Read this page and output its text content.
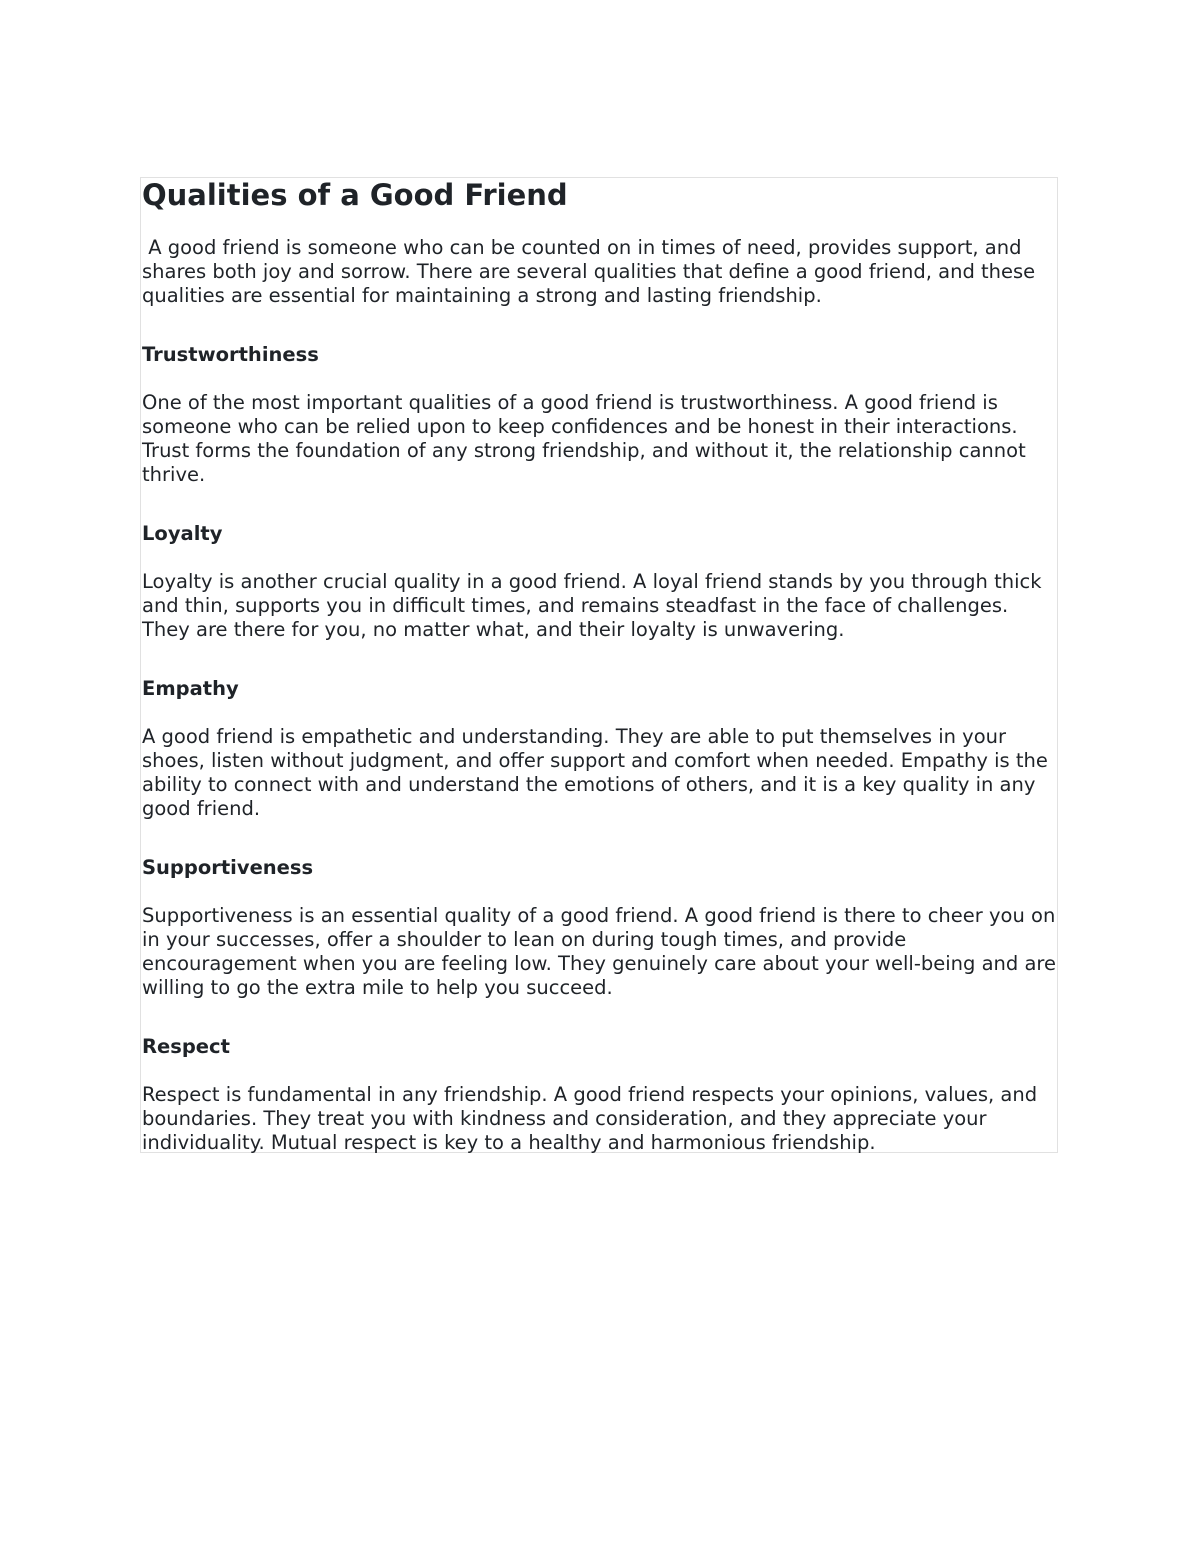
Qualities of a Good Friend

A good friend is someone who can be counted on in times of need, provides support, and shares both joy and sorrow. There are several qualities that define a good friend, and these qualities are essential for maintaining a strong and lasting friendship.

Trustworthiness

One of the most important qualities of a good friend is trustworthiness. A good friend is someone who can be relied upon to keep confidences and be honest in their interactions. Trust forms the foundation of any strong friendship, and without it, the relationship cannot thrive.

Loyalty

Loyalty is another crucial quality in a good friend. A loyal friend stands by you through thick and thin, supports you in difficult times, and remains steadfast in the face of challenges. They are there for you, no matter what, and their loyalty is unwavering.

Empathy

A good friend is empathetic and understanding. They are able to put themselves in your shoes, listen without judgment, and offer support and comfort when needed. Empathy is the ability to connect with and understand the emotions of others, and it is a key quality in any good friend.

Supportiveness

Supportiveness is an essential quality of a good friend. A good friend is there to cheer you on in your successes, offer a shoulder to lean on during tough times, and provide encouragement when you are feeling low. They genuinely care about your well-being and are willing to go the extra mile to help you succeed.

Respect

Respect is fundamental in any friendship. A good friend respects your opinions, values, and boundaries. They treat you with kindness and consideration, and they appreciate your individuality. Mutual respect is key to a healthy and harmonious friendship.
